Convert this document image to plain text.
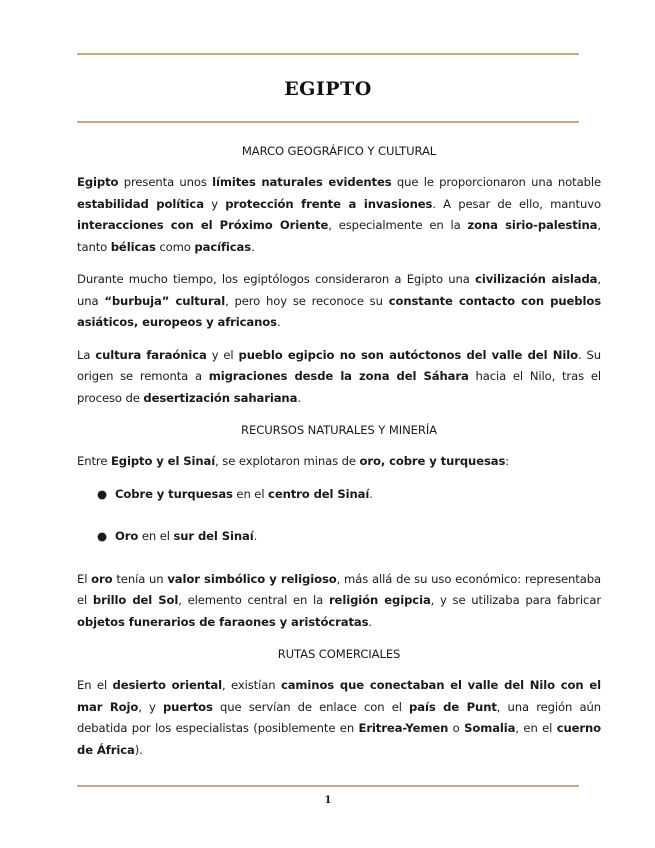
EGIPTO
MARCO GEOGRÁFICO Y CULTURAL

Egipto presenta unos límites naturales evidentes que le proporcionaron una notable estabilidad política y protección frente a invasiones. A pesar de ello, mantuvo interacciones con el Próximo Oriente, especialmente en la zona sirio-palestina, tanto bélicas como pacíficas.

Durante mucho tiempo, los egiptólogos consideraron a Egipto una civilización aislada, una “burbuja” cultural, pero hoy se reconoce su constante contacto con pueblos asiáticos, europeos y africanos.

La cultura faraónica y el pueblo egipcio no son autóctonos del valle del Nilo. Su origen se remonta a migraciones desde la zona del Sáhara hacia el Nilo, tras el proceso de desertización sahariana.

RECURSOS NATURALES Y MINERÍA

Entre Egipto y el Sinaí, se explotaron minas de oro, cobre y turquesas:

● Cobre y turquesas en el centro del Sinaí.
● Oro en el sur del Sinaí.

El oro tenía un valor simbólico y religioso, más allá de su uso económico: representaba el brillo del Sol, elemento central en la religión egipcia, y se utilizaba para fabricar objetos funerarios de faraones y aristócratas.

RUTAS COMERCIALES

En el desierto oriental, existían caminos que conectaban el valle del Nilo con el mar Rojo, y puertos que servían de enlace con el país de Punt, una región aún debatida por los especialistas (posiblemente en Eritrea-Yemen o Somalia, en el cuerno de África).

1
